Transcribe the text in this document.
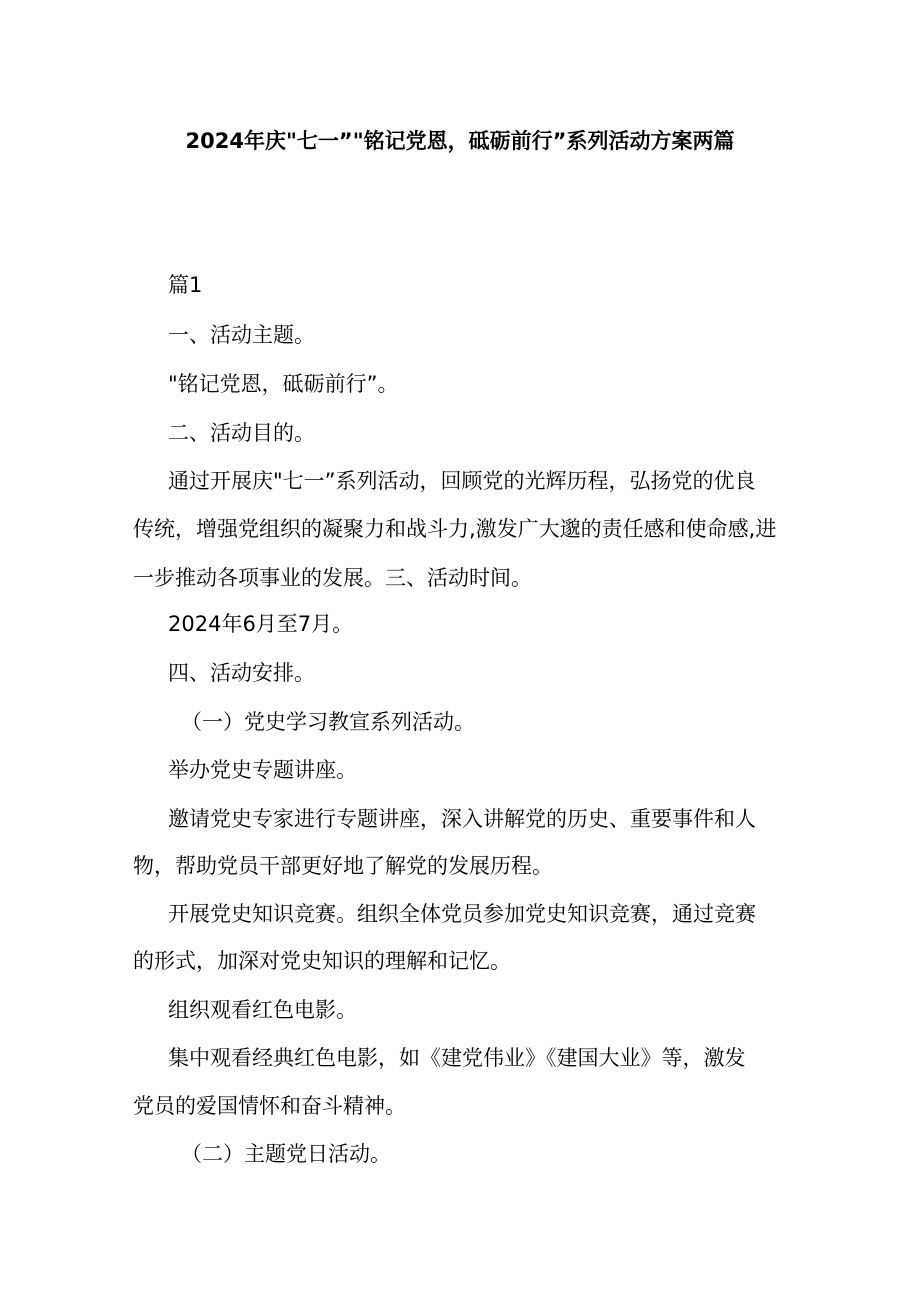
2024年庆"七一”"铭记党恩，砥砺前行”系列活动方案两篇
篇1
一、活动主题。
"铭记党恩，砥砺前行”。
二、活动目的。
通过开展庆"七一”系列活动，回顾党的光辉历程，弘扬党的优良
传统，增强党组织的凝聚力和战斗力,激发广大邈的责任感和使命感,进
一步推动各项事业的发展。三、活动时间。
2024年6月至7月。
四、活动安排。
（一）党史学习教宣系列活动。
举办党史专题讲座。
邀请党史专家进行专题讲座，深入讲解党的历史、重要事件和人
物，帮助党员干部更好地了解党的发展历程。
开展党史知识竞赛。组织全体党员参加党史知识竞赛，通过竞赛
的形式，加深对党史知识的理解和记忆。
组织观看红色电影。
集中观看经典红色电影，如《建党伟业》《建国大业》等，激发
党员的爱国情怀和奋斗精神。
（二）主题党日活动。
